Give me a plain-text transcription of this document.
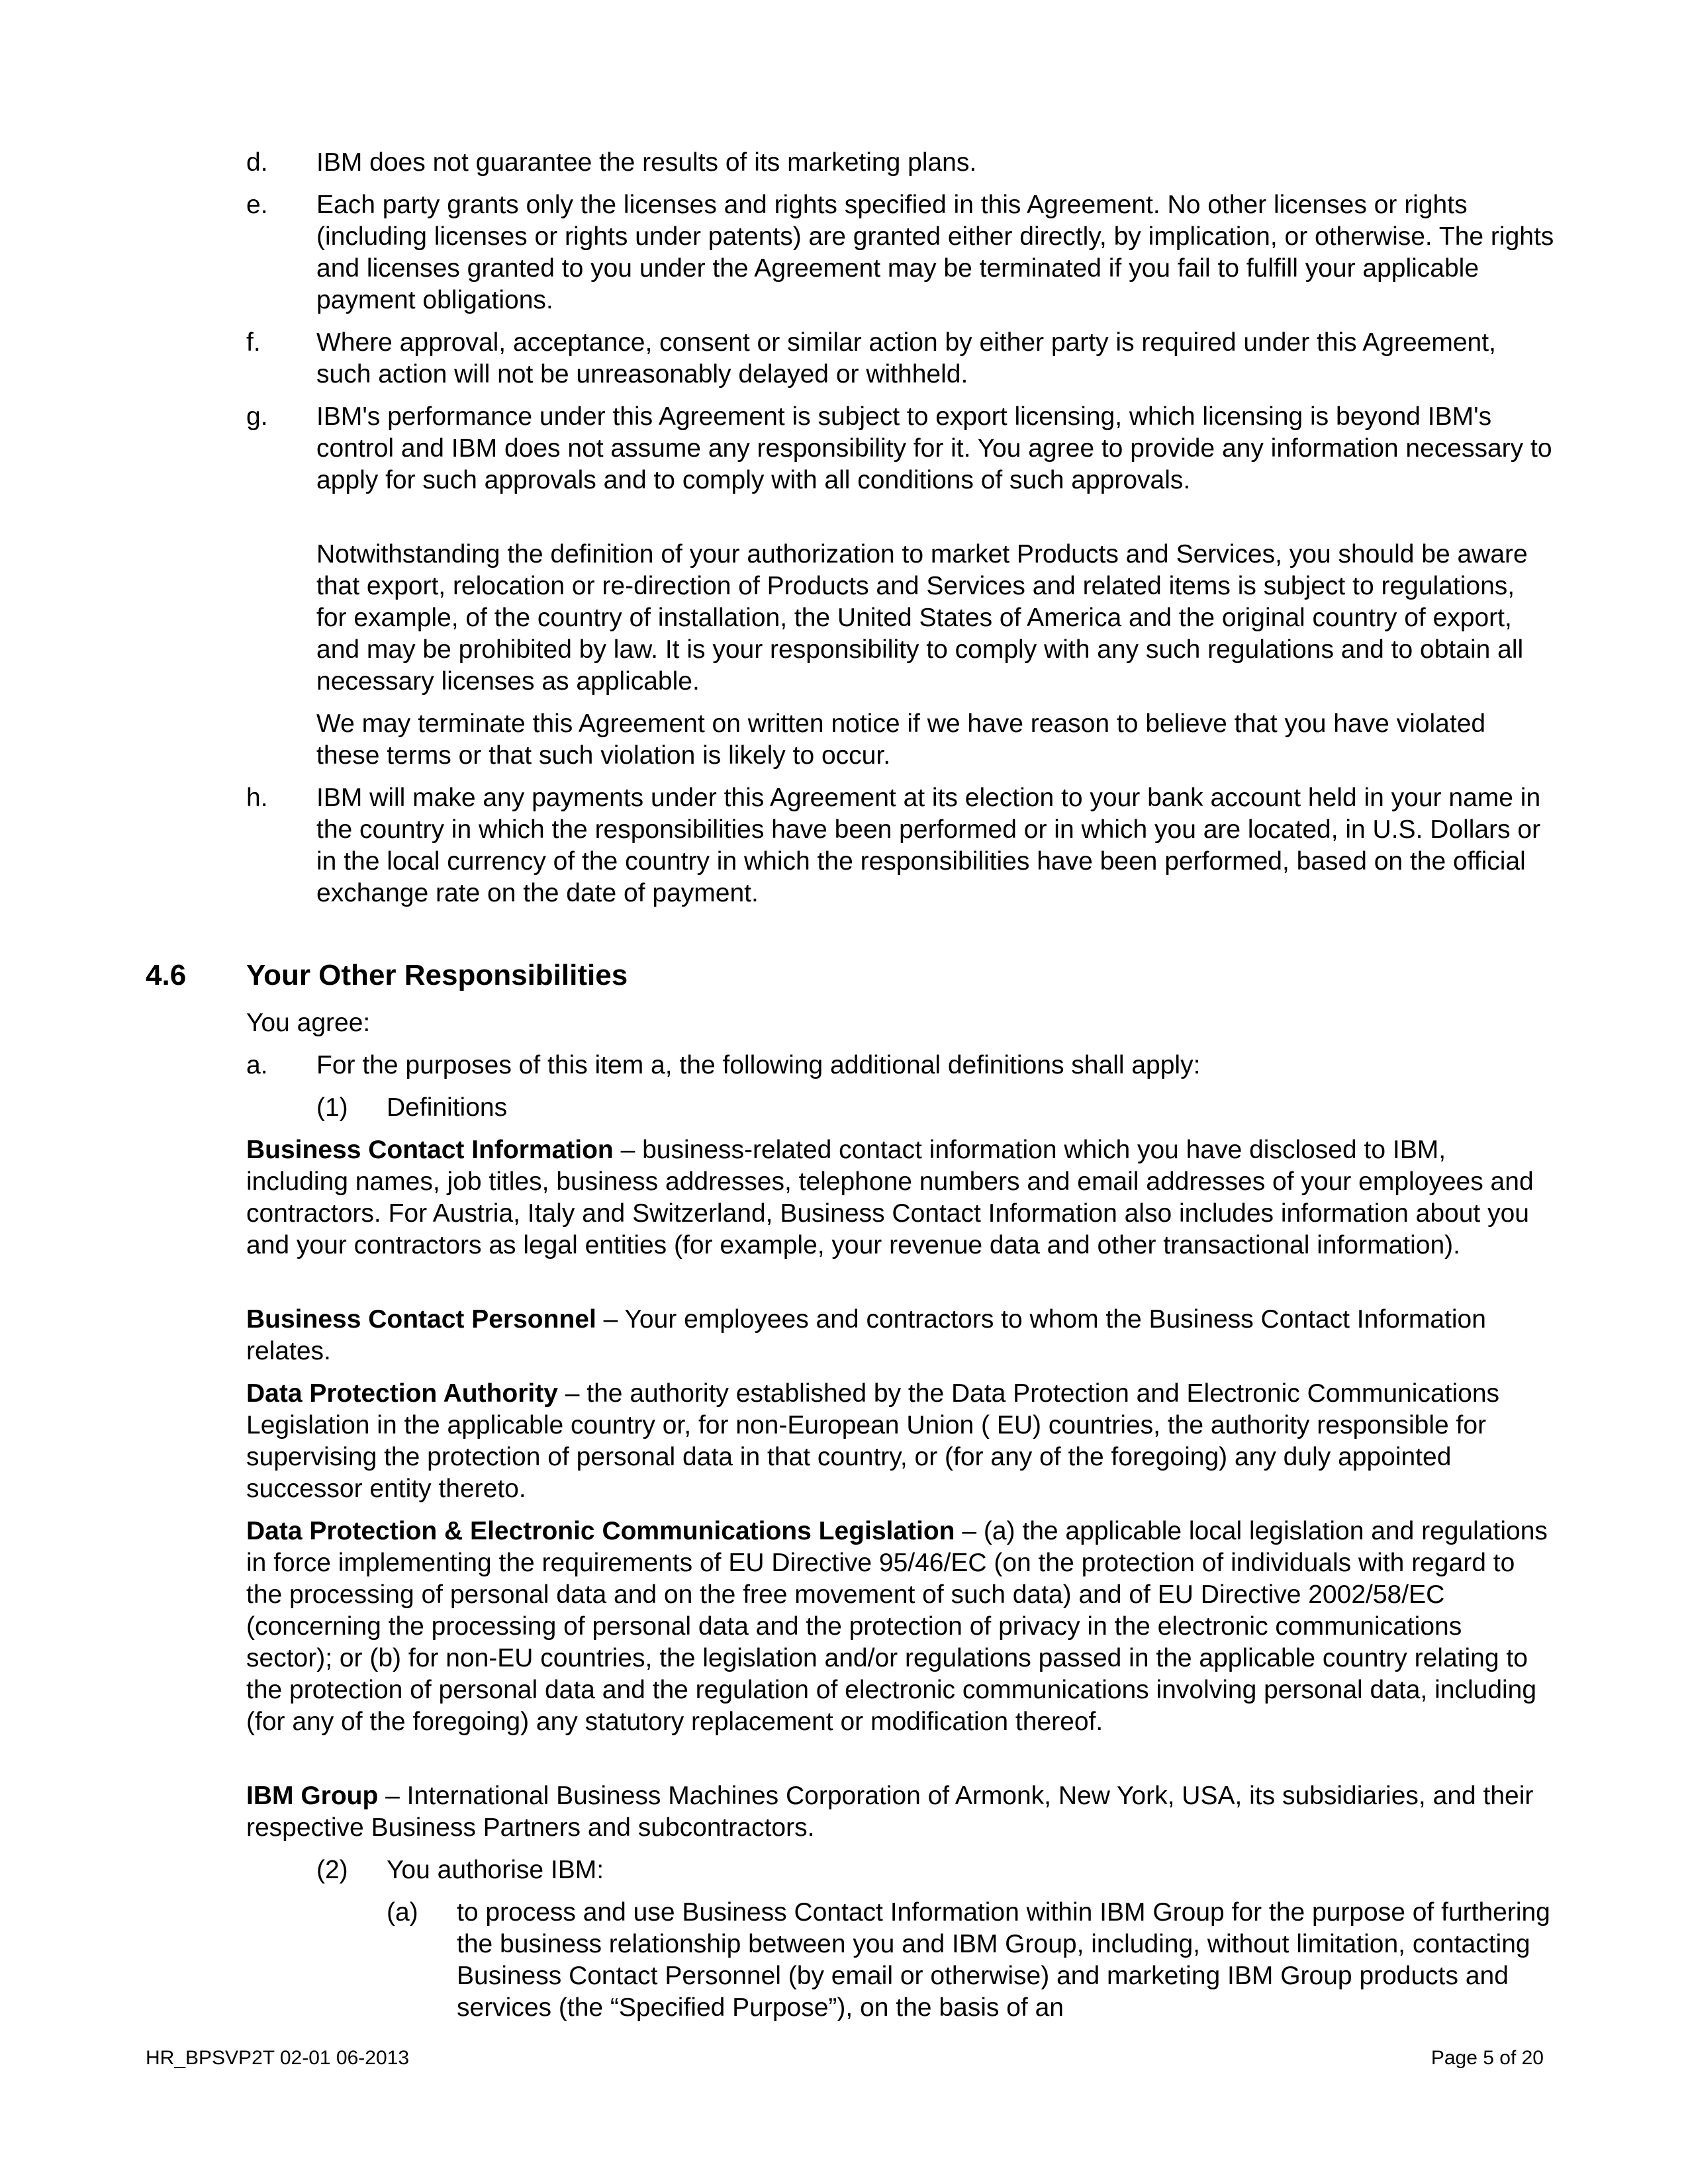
d.	IBM does not guarantee the results of its marketing plans.

e.	Each party grants only the licenses and rights specified in this Agreement. No other licenses or rights (including licenses or rights under patents) are granted either directly, by implication, or otherwise. The rights and licenses granted to you under the Agreement may be terminated if you fail to fulfill your applicable payment obligations.

f.	Where approval, acceptance, consent or similar action by either party is required under this Agreement, such action will not be unreasonably delayed or withheld.

g.	IBM's performance under this Agreement is subject to export licensing, which licensing is beyond IBM's control and IBM does not assume any responsibility for it. You agree to provide any information necessary to apply for such approvals and to comply with all conditions of such approvals.

Notwithstanding the definition of your authorization to market Products and Services, you should be aware that export, relocation or re-direction of Products and Services and related items is subject to regulations, for example, of the country of installation, the United States of America and the original country of export, and may be prohibited by law. It is your responsibility to comply with any such regulations and to obtain all necessary licenses as applicable.

We may terminate this Agreement on written notice if we have reason to believe that you have violated these terms or that such violation is likely to occur.

h.	IBM will make any payments under this Agreement at its election to your bank account held in your name in the country in which the responsibilities have been performed or in which you are located, in U.S. Dollars or in the local currency of the country in which the responsibilities have been performed, based on the official exchange rate on the date of payment.

4.6 Your Other Responsibilities

You agree:

a.	For the purposes of this item a, the following additional definitions shall apply:

(1) Definitions

Business Contact Information – business-related contact information which you have disclosed to IBM, including names, job titles, business addresses, telephone numbers and email addresses of your employees and contractors. For Austria, Italy and Switzerland, Business Contact Information also includes information about you and your contractors as legal entities (for example, your revenue data and other transactional information).

Business Contact Personnel – Your employees and contractors to whom the Business Contact Information relates.

Data Protection Authority – the authority established by the Data Protection and Electronic Communications Legislation in the applicable country or, for non-European Union ( EU) countries, the authority responsible for supervising the protection of personal data in that country, or (for any of the foregoing) any duly appointed successor entity thereto.

Data Protection & Electronic Communications Legislation – (a) the applicable local legislation and regulations in force implementing the requirements of EU Directive 95/46/EC (on the protection of individuals with regard to the processing of personal data and on the free movement of such data) and of EU Directive 2002/58/EC (concerning the processing of personal data and the protection of privacy in the electronic communications sector); or (b) for non-EU countries, the legislation and/or regulations passed in the applicable country relating to the protection of personal data and the regulation of electronic communications involving personal data, including (for any of the foregoing) any statutory replacement or modification thereof.

IBM Group – International Business Machines Corporation of Armonk, New York, USA, its subsidiaries, and their respective Business Partners and subcontractors.

(2) You authorise IBM:

(a) to process and use Business Contact Information within IBM Group for the purpose of furthering the business relationship between you and IBM Group, including, without limitation, contacting Business Contact Personnel (by email or otherwise) and marketing IBM Group products and services (the “Specified Purpose”), on the basis of an

HR_BPSVP2T 02-01 06-2013	Page 5 of 20
